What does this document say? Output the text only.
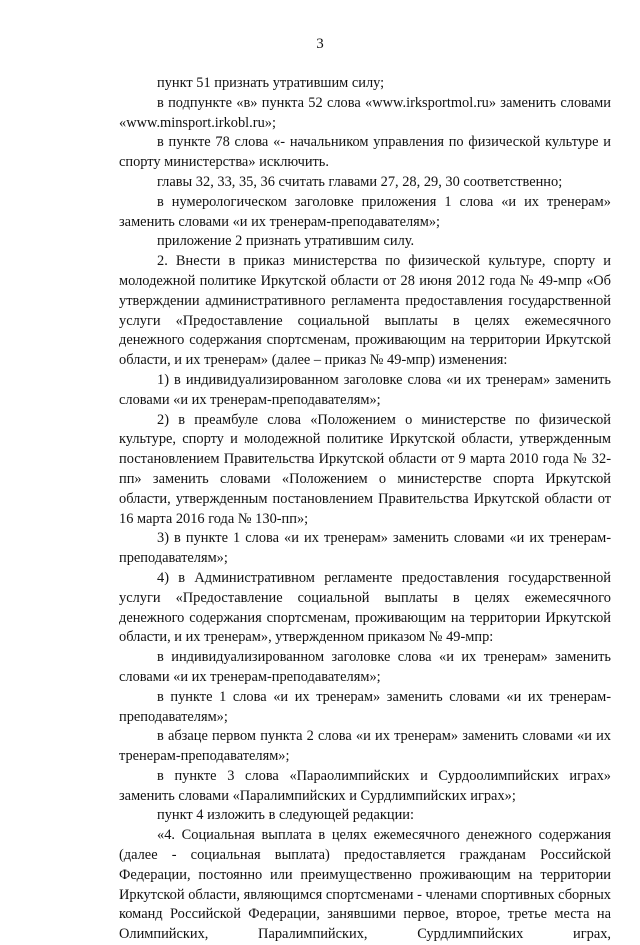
3

пункт 51 признать утратившим силу;

в подпункте «в» пункта 52 слова «www.irksportmol.ru» заменить словами «www.minsport.irkobl.ru»;

в пункте 78 слова «- начальником управления по физической культуре и спорту министерства» исключить.

главы 32, 33, 35, 36 считать главами 27, 28, 29, 30 соответственно;

в нумерологическом заголовке приложения 1 слова «и их тренерам» заменить словами «и их тренерам-преподавателям»;

приложение 2 признать утратившим силу.

2. Внести в приказ министерства по физической культуре, спорту и молодежной политике Иркутской области от 28 июня 2012 года № 49-мпр «Об утверждении административного регламента предоставления государственной услуги «Предоставление социальной выплаты в целях ежемесячного денежного содержания спортсменам, проживающим на территории Иркутской области, и их тренерам» (далее – приказ № 49-мпр) изменения:

1) в индивидуализированном заголовке слова «и их тренерам» заменить словами «и их тренерам-преподавателям»;

2) в преамбуле слова «Положением о министерстве по физической культуре, спорту и молодежной политике Иркутской области, утвержденным постановлением Правительства Иркутской области от 9 марта 2010 года № 32-пп» заменить словами «Положением о министерстве спорта Иркутской области, утвержденным постановлением Правительства Иркутской области от 16 марта 2016 года № 130-пп»;

3) в пункте 1 слова «и их тренерам» заменить словами «и их тренерам-преподавателям»;

4) в Административном регламенте предоставления государственной услуги «Предоставление социальной выплаты в целях ежемесячного денежного содержания спортсменам, проживающим на территории Иркутской области, и их тренерам», утвержденном приказом № 49-мпр:

в индивидуализированном заголовке слова «и их тренерам» заменить словами «и их тренерам-преподавателям»;

в пункте 1 слова «и их тренерам» заменить словами «и их тренерам-преподавателям»;

в абзаце первом пункта 2 слова «и их тренерам» заменить словами «и их тренерам-преподавателям»;

в пункте 3 слова «Параолимпийских и Сурдоолимпийских играх» заменить словами «Паралимпийских и Сурдлимпийских играх»;

пункт 4 изложить в следующей редакции:

«4. Социальная выплата в целях ежемесячного денежного содержания (далее - социальная выплата) предоставляется гражданам Российской Федерации, постоянно или преимущественно проживающим на территории Иркутской области, являющимся спортсменами - членами спортивных сборных команд Российской Федерации, занявшими первое, второе, третье места на Олимпийских, Паралимпийских, Сурдлимпийских играх,
